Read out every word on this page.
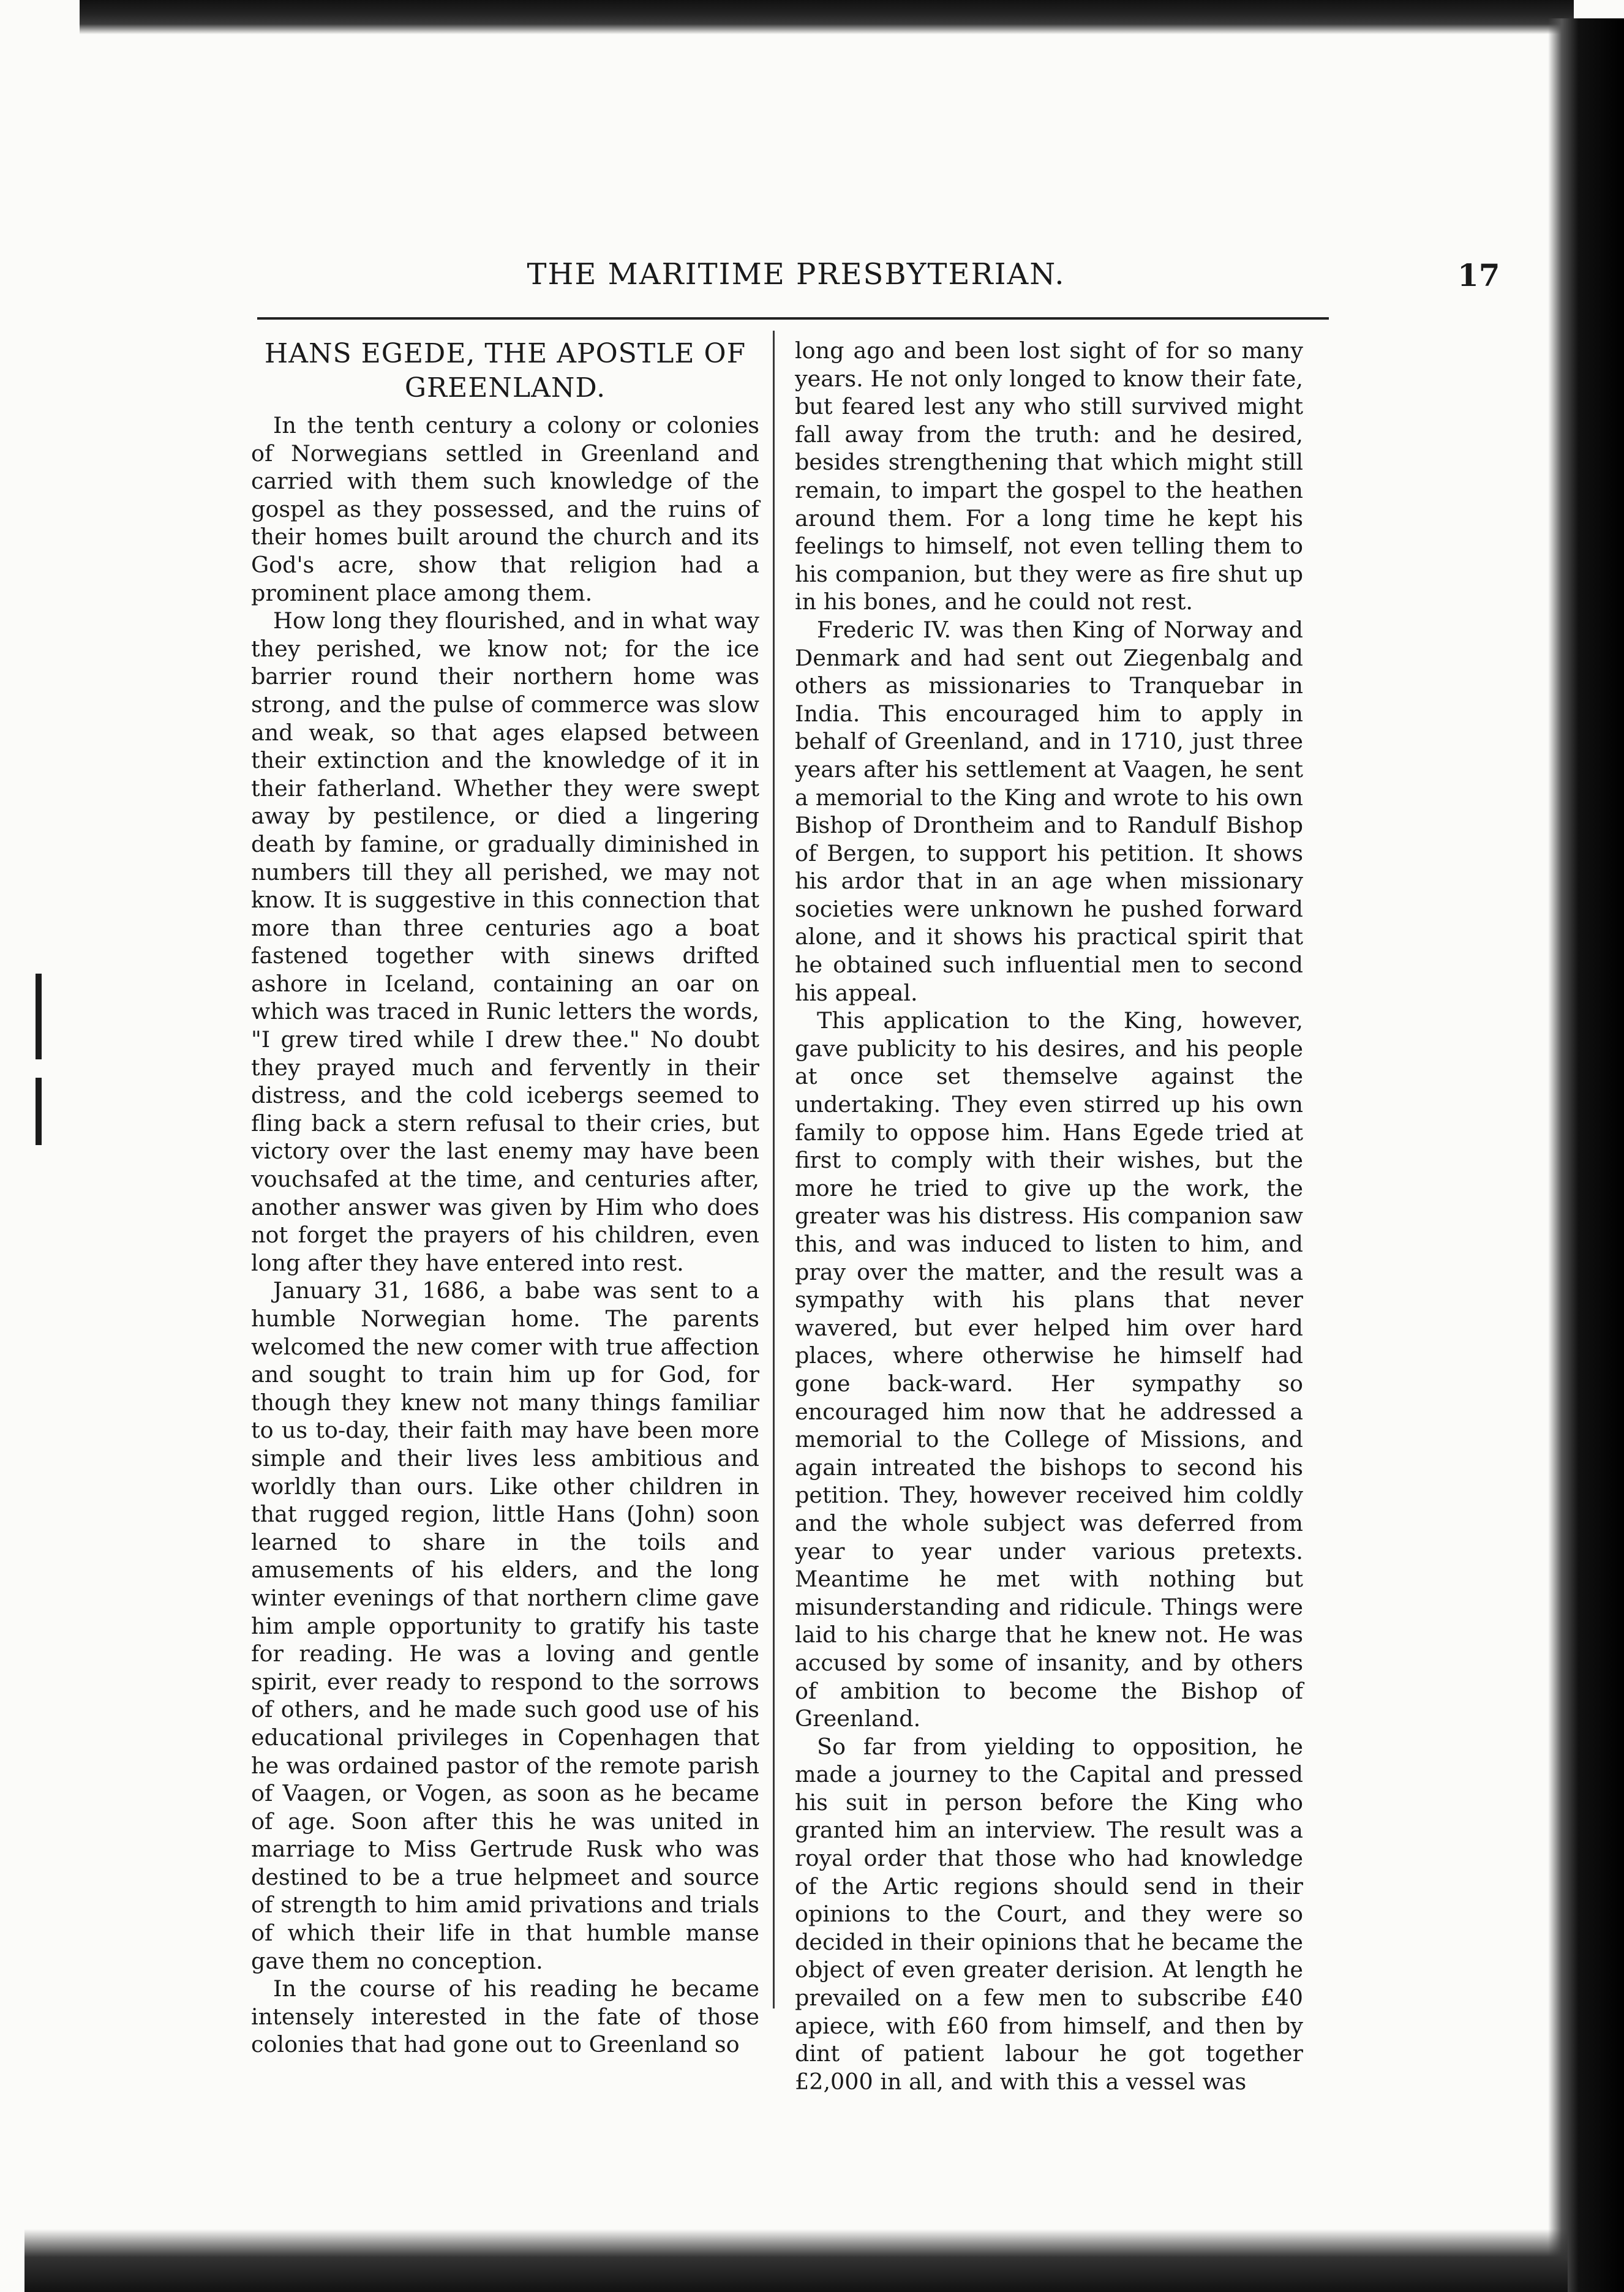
THE MARITIME PRESBYTERIAN.	17
HANS EGEDE, THE APOSTLE OF GREENLAND.

In the tenth century a colony or colonies of Norwegians settled in Greenland and carried with them such knowledge of the gospel as they possessed, and the ruins of their homes built around the church and its God's acre, show that religion had a prominent place among them.

How long they flourished, and in what way they perished, we know not; for the ice barrier round their northern home was strong, and the pulse of commerce was slow and weak, so that ages elapsed between their extinction and the knowledge of it in their fatherland. Whether they were swept away by pestilence, or died a lingering death by famine, or gradually diminished in numbers till they all perished, we may not know. It is suggestive in this connection that more than three centuries ago a boat fastened together with sinews drifted ashore in Iceland, containing an oar on which was traced in Runic letters the words, "I grew tired while I drew thee." No doubt they prayed much and fervently in their distress, and the cold icebergs seemed to fling back a stern refusal to their cries, but victory over the last enemy may have been vouchsafed at the time, and centuries after, another answer was given by Him who does not forget the prayers of his children, even long after they have entered into rest.

January 31, 1686, a babe was sent to a humble Norwegian home. The parents welcomed the new comer with true affection and sought to train him up for God, for though they knew not many things familiar to us to-day, their faith may have been more simple and their lives less ambitious and worldly than ours. Like other children in that rugged region, little Hans (John) soon learned to share in the toils and amusements of his elders, and the long winter evenings of that northern clime gave him ample opportunity to gratify his taste for reading. He was a loving and gentle spirit, ever ready to respond to the sorrows of others, and he made such good use of his educational privileges in Copenhagen that he was ordained pastor of the remote parish of Vaagen, or Vogen, as soon as he became of age. Soon after this he was united in marriage to Miss Gertrude Rusk who was destined to be a true helpmeet and source of strength to him amid privations and trials of which their life in that humble manse gave them no conception.

In the course of his reading he became intensely interested in the fate of those colonies that had gone out to Greenland so

long ago and been lost sight of for so many years. He not only longed to know their fate, but feared lest any who still survived might fall away from the truth: and he desired, besides strengthening that which might still remain, to impart the gospel to the heathen around them. For a long time he kept his feelings to himself, not even telling them to his companion, but they were as fire shut up in his bones, and he could not rest.

Frederic IV. was then King of Norway and Denmark and had sent out Ziegenbalg and others as missionaries to Tranquebar in India. This encouraged him to apply in behalf of Greenland, and in 1710, just three years after his settlement at Vaagen, he sent a memorial to the King and wrote to his own Bishop of Drontheim and to Randulf Bishop of Bergen, to support his petition. It shows his ardor that in an age when missionary societies were unknown he pushed forward alone, and it shows his practical spirit that he obtained such influential men to second his appeal.

This application to the King, however, gave publicity to his desires, and his people at once set themselve against the undertaking. They even stirred up his own family to oppose him. Hans Egede tried at first to comply with their wishes, but the more he tried to give up the work, the greater was his distress. His companion saw this, and was induced to listen to him, and pray over the matter, and the result was a sympathy with his plans that never wavered, but ever helped him over hard places, where otherwise he himself had gone back-ward. Her sympathy so encouraged him now that he addressed a memorial to the College of Missions, and again intreated the bishops to second his petition. They, however received him coldly and the whole subject was deferred from year to year under various pretexts. Meantime he met with nothing but misunderstanding and ridicule. Things were laid to his charge that he knew not. He was accused by some of insanity, and by others of ambition to become the Bishop of Greenland.

So far from yielding to opposition, he made a journey to the Capital and pressed his suit in person before the King who granted him an interview. The result was a royal order that those who had knowledge of the Artic regions should send in their opinions to the Court, and they were so decided in their opinions that he became the object of even greater derision. At length he prevailed on a few men to subscribe £40 apiece, with £60 from himself, and then by dint of patient labour he got together £2,000 in all, and with this a vessel was
